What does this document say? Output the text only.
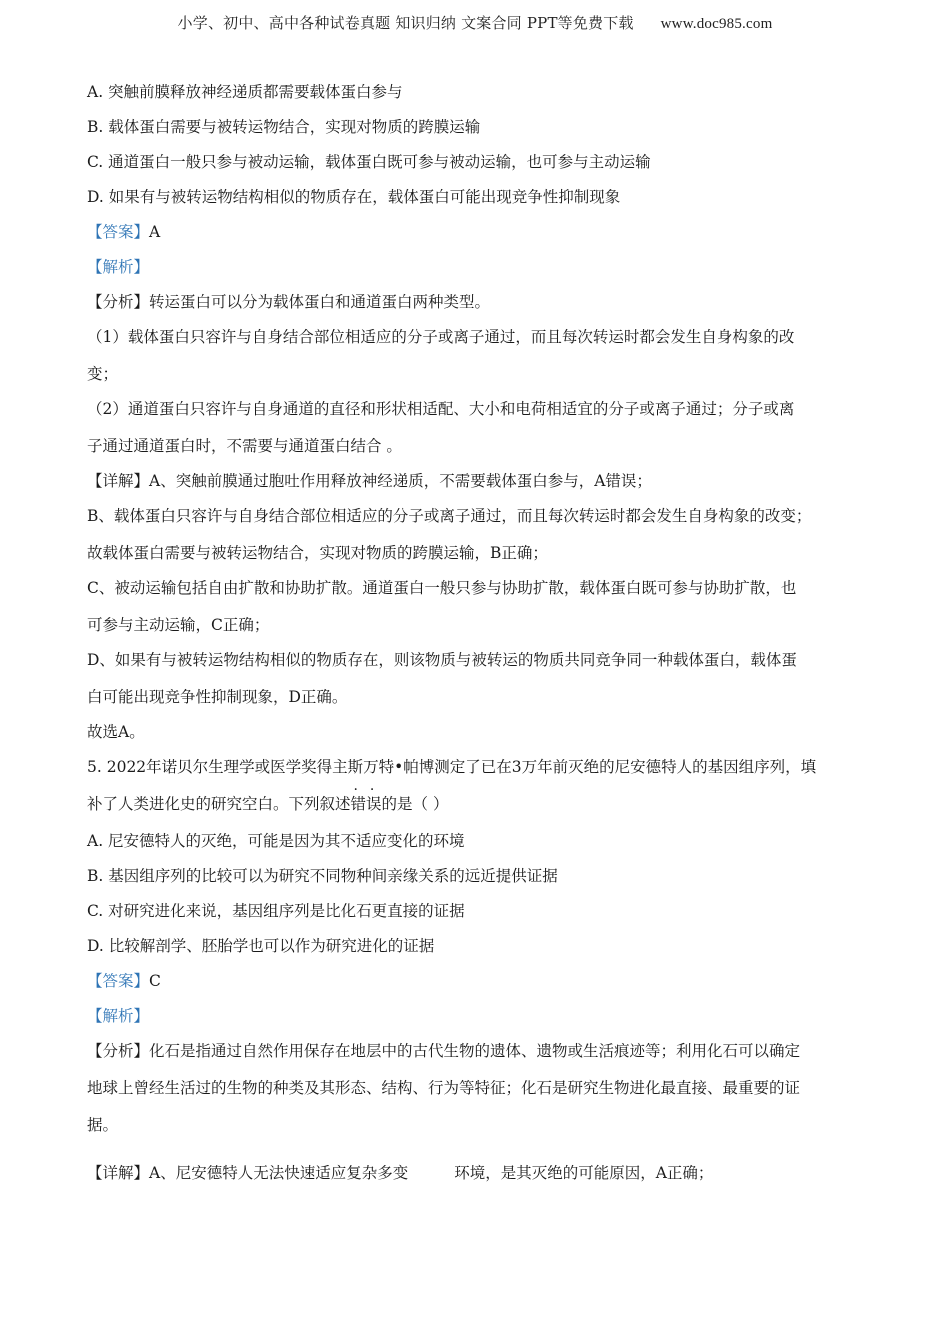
小学、初中、高中各种试卷真题 知识归纳 文案合同 PPT等免费下载 www.doc985.com
A. 突触前膜释放神经递质都需要载体蛋白参与
B. 载体蛋白需要与被转运物结合，实现对物质的跨膜运输
C. 通道蛋白一般只参与被动运输，载体蛋白既可参与被动运输，也可参与主动运输
D. 如果有与被转运物结构相似的物质存在，载体蛋白可能出现竞争性抑制现象
【答案】A
【解析】
【分析】转运蛋白可以分为载体蛋白和通道蛋白两种类型。
（1）载体蛋白只容许与自身结合部位相适应的分子或离子通过，而且每次转运时都会发生自身构象的改
变；
（2）通道蛋白只容许与自身通道的直径和形状相适配、大小和电荷相适宜的分子或离子通过；分子或离
子通过通道蛋白时，不需要与通道蛋白结合 。
【详解】A、突触前膜通过胞吐作用释放神经递质，不需要载体蛋白参与，A错误；
B、载体蛋白只容许与自身结合部位相适应的分子或离子通过，而且每次转运时都会发生自身构象的改变；
故载体蛋白需要与被转运物结合，实现对物质的跨膜运输，B正确；
C、被动运输包括自由扩散和协助扩散。通道蛋白一般只参与协助扩散，载体蛋白既可参与协助扩散，也
可参与主动运输，C正确；
D、如果有与被转运物结构相似的物质存在，则该物质与被转运的物质共同竞争同一种载体蛋白，载体蛋
白可能出现竞争性抑制现象，D正确。
故选A。
5. 2022年诺贝尔生理学或医学奖得主斯万特•帕博测定了已在3万年前灭绝的尼安德特人的基因组序列，填
补了人类进化史的研究空白。下列叙述· · 错误的是（ ）
A. 尼安德特人的灭绝，可能是因为其不适应变化的环境
B. 基因组序列的比较可以为研究不同物种间亲缘关系的远近提供证据
C. 对研究进化来说，基因组序列是比化石更直接的证据
D. 比较解剖学、胚胎学也可以作为研究进化的证据
【答案】C
【解析】
【分析】化石是指通过自然作用保存在地层中的古代生物的遗体、遗物或生活痕迹等；利用化石可以确定
地球上曾经生活过的生物的种类及其形态、结构、行为等特征；化石是研究生物进化最直接、最重要的证
据。
【详解】A、尼安德特人无法快速适应复杂多变	环境，是其灭绝的可能原因，A正确；
